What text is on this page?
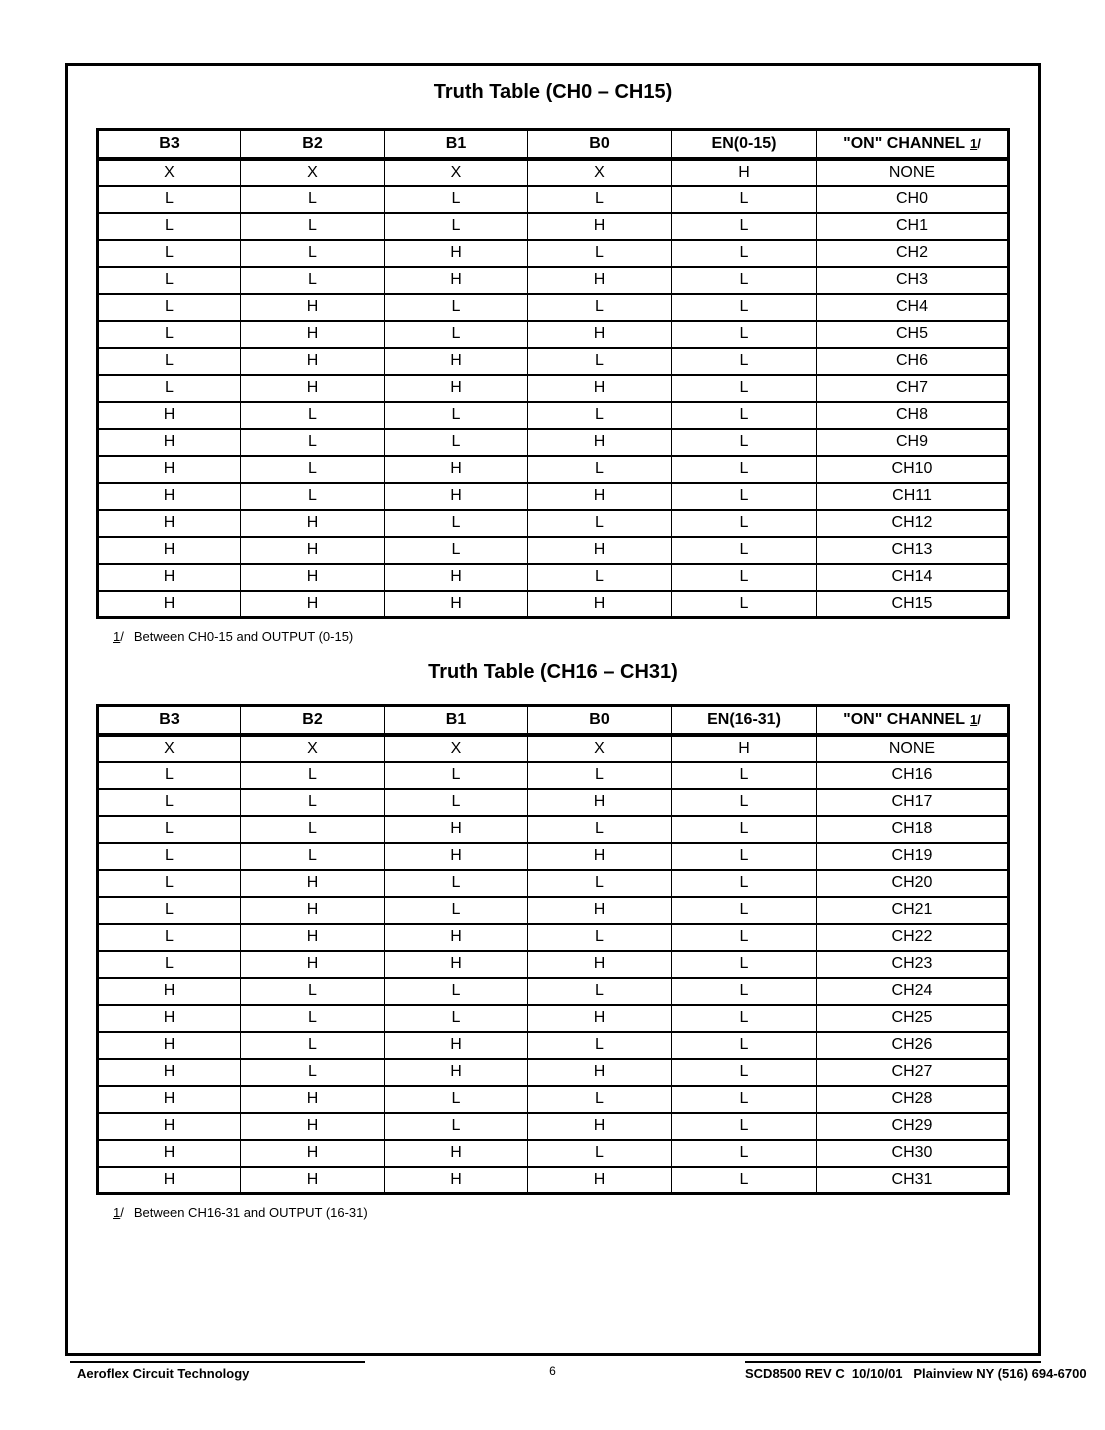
Truth Table (CH0 – CH15)
B3	B2	B1	B0	EN(0-15)	"ON" CHANNEL 1/
X	X	X	X	H	NONE
L	L	L	L	L	CH0
L	L	L	H	L	CH1
L	L	H	L	L	CH2
L	L	H	H	L	CH3
L	H	L	L	L	CH4
L	H	L	H	L	CH5
L	H	H	L	L	CH6
L	H	H	H	L	CH7
H	L	L	L	L	CH8
H	L	L	H	L	CH9
H	L	H	L	L	CH10
H	L	H	H	L	CH11
H	H	L	L	L	CH12
H	H	L	H	L	CH13
H	H	H	L	L	CH14
H	H	H	H	L	CH15
1/ Between CH0-15 and OUTPUT (0-15)
Truth Table (CH16 – CH31)
B3	B2	B1	B0	EN(16-31)	"ON" CHANNEL 1/
X	X	X	X	H	NONE
L	L	L	L	L	CH16
L	L	L	H	L	CH17
L	L	H	L	L	CH18
L	L	H	H	L	CH19
L	H	L	L	L	CH20
L	H	L	H	L	CH21
L	H	H	L	L	CH22
L	H	H	H	L	CH23
H	L	L	L	L	CH24
H	L	L	H	L	CH25
H	L	H	L	L	CH26
H	L	H	H	L	CH27
H	H	L	L	L	CH28
H	H	L	H	L	CH29
H	H	H	L	L	CH30
H	H	H	H	L	CH31
1/ Between CH16-31 and OUTPUT (16-31)
Aeroflex Circuit Technology	6	SCD8500 REV C  10/10/01   Plainview NY (516) 694-6700
